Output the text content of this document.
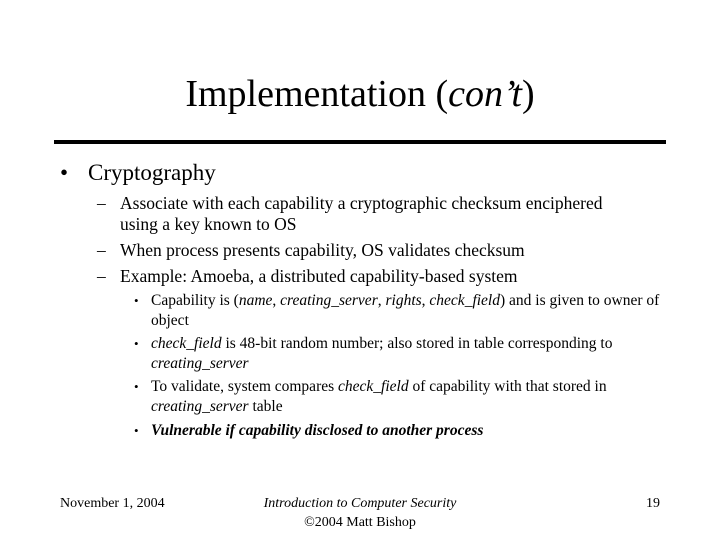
Implementation (con’t)
• Cryptography
– Associate with each capability a cryptographic checksum enciphered using a key known to OS
– When process presents capability, OS validates checksum
– Example: Amoeba, a distributed capability-based system
• Capability is (name, creating_server, rights, check_field) and is given to owner of object
• check_field is 48-bit random number; also stored in table corresponding to creating_server
• To validate, system compares check_field of capability with that stored in creating_server table
• Vulnerable if capability disclosed to another process
November 1, 2004	Introduction to Computer Security
©2004 Matt Bishop
19
